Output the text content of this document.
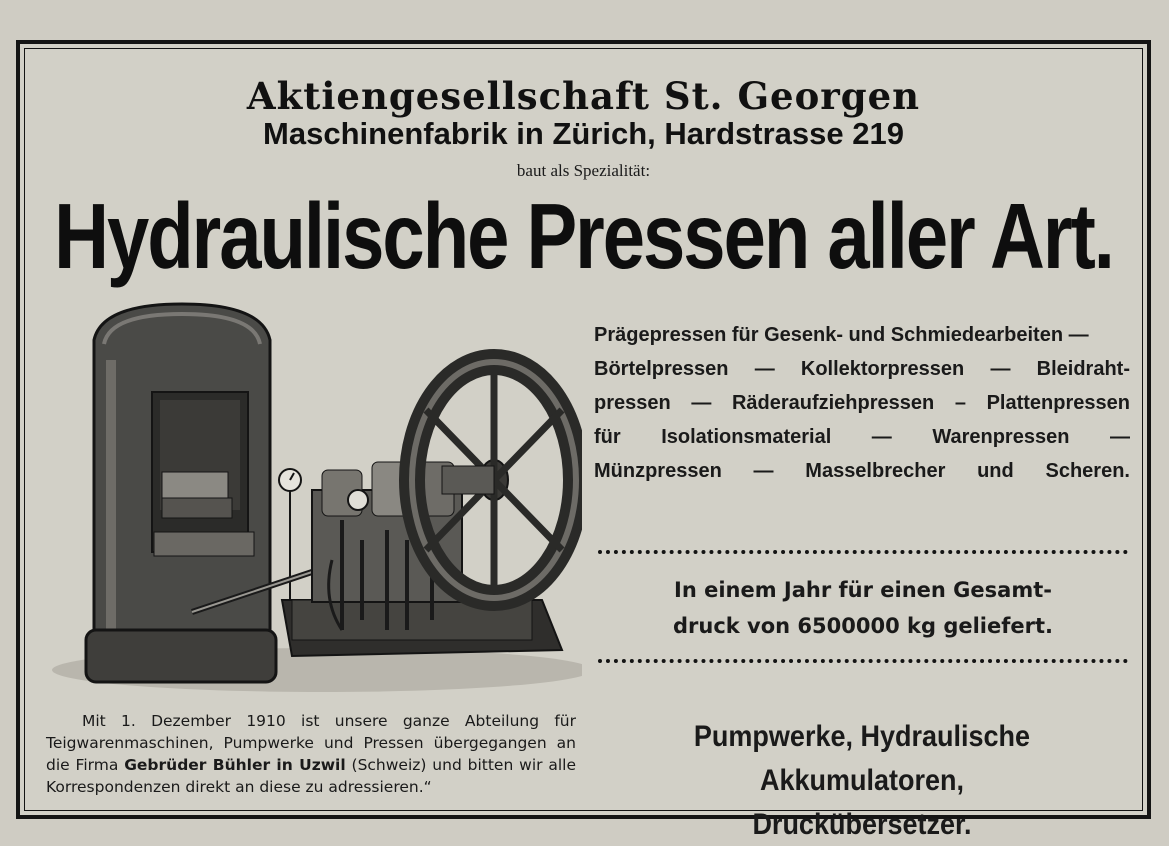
Aktiengesellschaft St. Georgen
Maschinenfabrik in Zürich, Hardstrasse 219
baut als Spezialität:
Hydraulische Pressen aller Art.
Prägepressen für Gesenk- und Schmiedearbeiten —
Börtelpressen — Kollektorpressen — Bleidraht-
pressen — Räderaufziehpressen – Plattenpressen
für Isolationsmaterial — Warenpressen —
Münzpressen — Masselbrecher und Scheren.
In einem Jahr für einen Gesamt-
druck von 6500000 kg geliefert.
Pumpwerke, Hydraulische Akkumulatoren,
Druckübersetzer.
Mit 1. Dezember 1910 ist unsere ganze Abteilung für Teigwarenmaschinen, Pumpwerke und Pressen übergegangen an die Firma Gebrüder Bühler in Uzwil (Schweiz) und bitten wir alle Korrespondenzen direkt an diese zu adressieren.“
